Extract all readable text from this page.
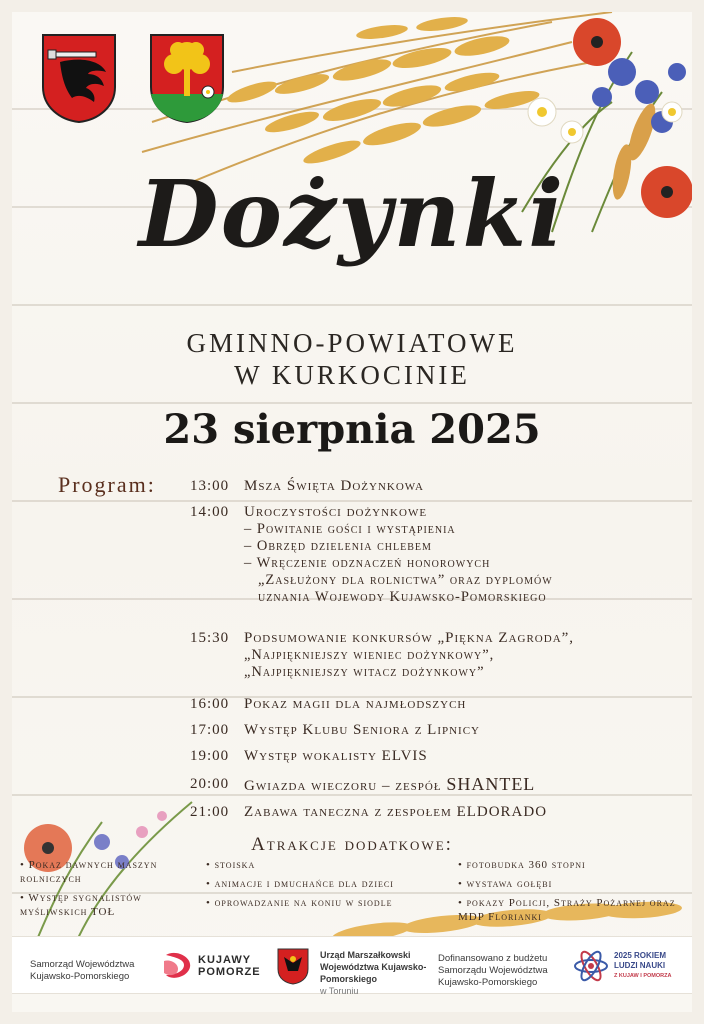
Dożynki
GMINNO-POWIATOWE
W KURKOCINIE
23 sierpnia 2025
Program: 13:00 Msza Święta Dożynkowa
14:00 Uroczystości dożynkowe
– Powitanie gości i wystąpienia
– Obrzęd dzielenia chlebem
– Wręczenie odznaczeń honorowych
„Zasłużony dla rolnictwa” oraz dyplomów
uznania Wojewody Kujawsko-Pomorskiego
15:30 Podsumowanie konkursów „Piękna Zagroda”,
„Najpiękniejszy wieniec dożynkowy”,
„Najpiękniejszy witacz dożynkowy”
16:00 Pokaz magii dla najmłodszych
17:00 Występ Klubu Seniora z Lipnicy
19:00 Występ wokalisty ELVIS
20:00 Gwiazda wieczoru – zespół SHANTEL
21:00 Zabawa taneczna z zespołem ELDORADO
Atrakcje dodatkowe:
• Pokaz dawnych maszyn rolniczych
• Występ sygnalistów myśliwskich TOŁ
• stoiska
• animacje i dmuchańce dla dzieci
• oprowadzanie na koniu w siodle
• fotobudka 360 stopni
• wystawa gołębi
• pokazy Policji, Straży Pożarnej oraz MDP Florianki
Samorząd Województwa Kujawsko-Pomorskiego
KUJAWY
POMORZE
Urząd Marszałkowski Województwa Kujawsko-Pomorskiego
w Toruniu
Dofinansowano z budżetu Samorządu Województwa Kujawsko-Pomorskiego
2025 ROKIEM
LUDZI NAUKI
Z KUJAW I POMORZA
